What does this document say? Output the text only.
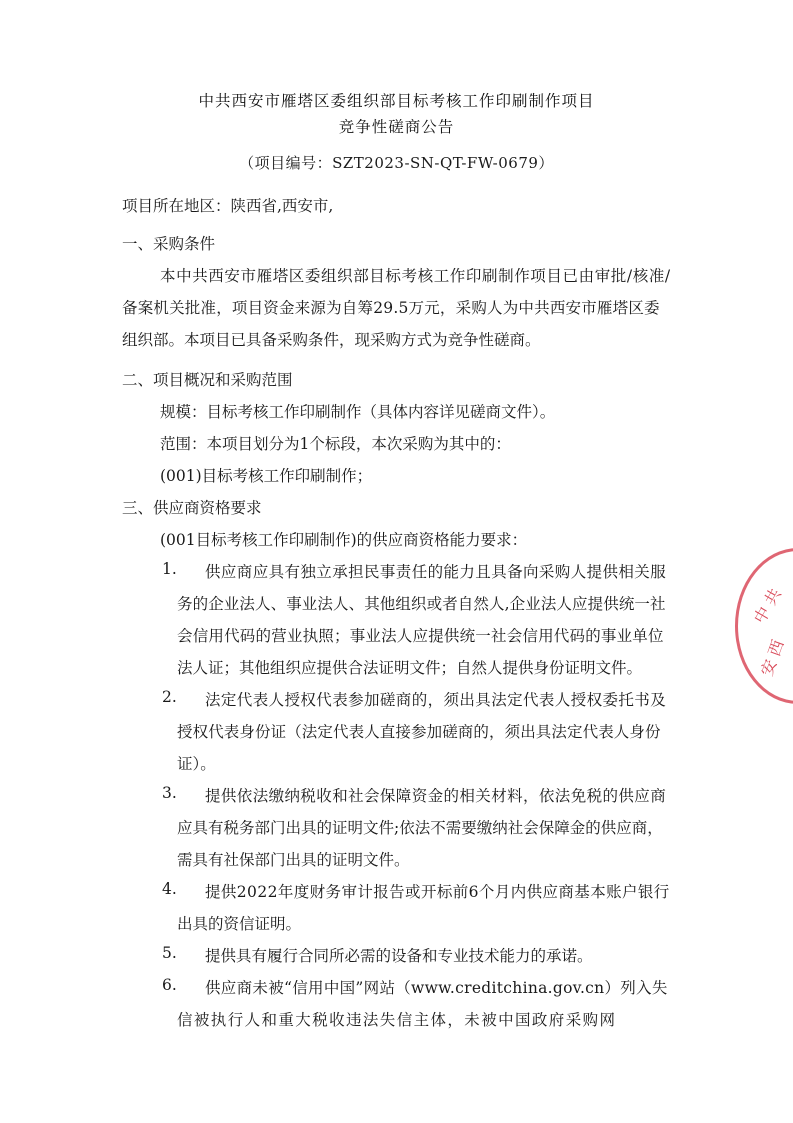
中共西安市雁塔区委组织部目标考核工作印刷制作项目
竞争性磋商公告
（项目编号：SZT2023-SN-QT-FW-0679）
项目所在地区：陕西省,西安市,
一、采购条件
本中共西安市雁塔区委组织部目标考核工作印刷制作项目已由审批/核准/
备案机关批准，项目资金来源为自筹29.5万元，采购人为中共西安市雁塔区委
组织部。本项目已具备采购条件，现采购方式为竞争性磋商。
二、项目概况和采购范围
规模：目标考核工作印刷制作（具体内容详见磋商文件）。
范围：本项目划分为1个标段，本次采购为其中的：
(001)目标考核工作印刷制作；
三、供应商资格要求
(001目标考核工作印刷制作)的供应商资格能力要求：
1. 供应商应具有独立承担民事责任的能力且具备向采购人提供相关服
务的企业法人、事业法人、其他组织或者自然人,企业法人应提供统一社
会信用代码的营业执照；事业法人应提供统一社会信用代码的事业单位
法人证；其他组织应提供合法证明文件；自然人提供身份证明文件。
2. 法定代表人授权代表参加磋商的，须出具法定代表人授权委托书及
授权代表身份证（法定代表人直接参加磋商的，须出具法定代表人身份
证）。
3. 提供依法缴纳税收和社会保障资金的相关材料，依法免税的供应商
应具有税务部门出具的证明文件;依法不需要缴纳社会保障金的供应商，
需具有社保部门出具的证明文件。
4. 提供2022年度财务审计报告或开标前6个月内供应商基本账户银行
出具的资信证明。
5. 提供具有履行合同所必需的设备和专业技术能力的承诺。
6. 供应商未被“信用中国”网站（www.creditchina.gov.cn）列入失
信被执行人和重大税收违法失信主体，未被中国政府采购网
中 共
安 西
